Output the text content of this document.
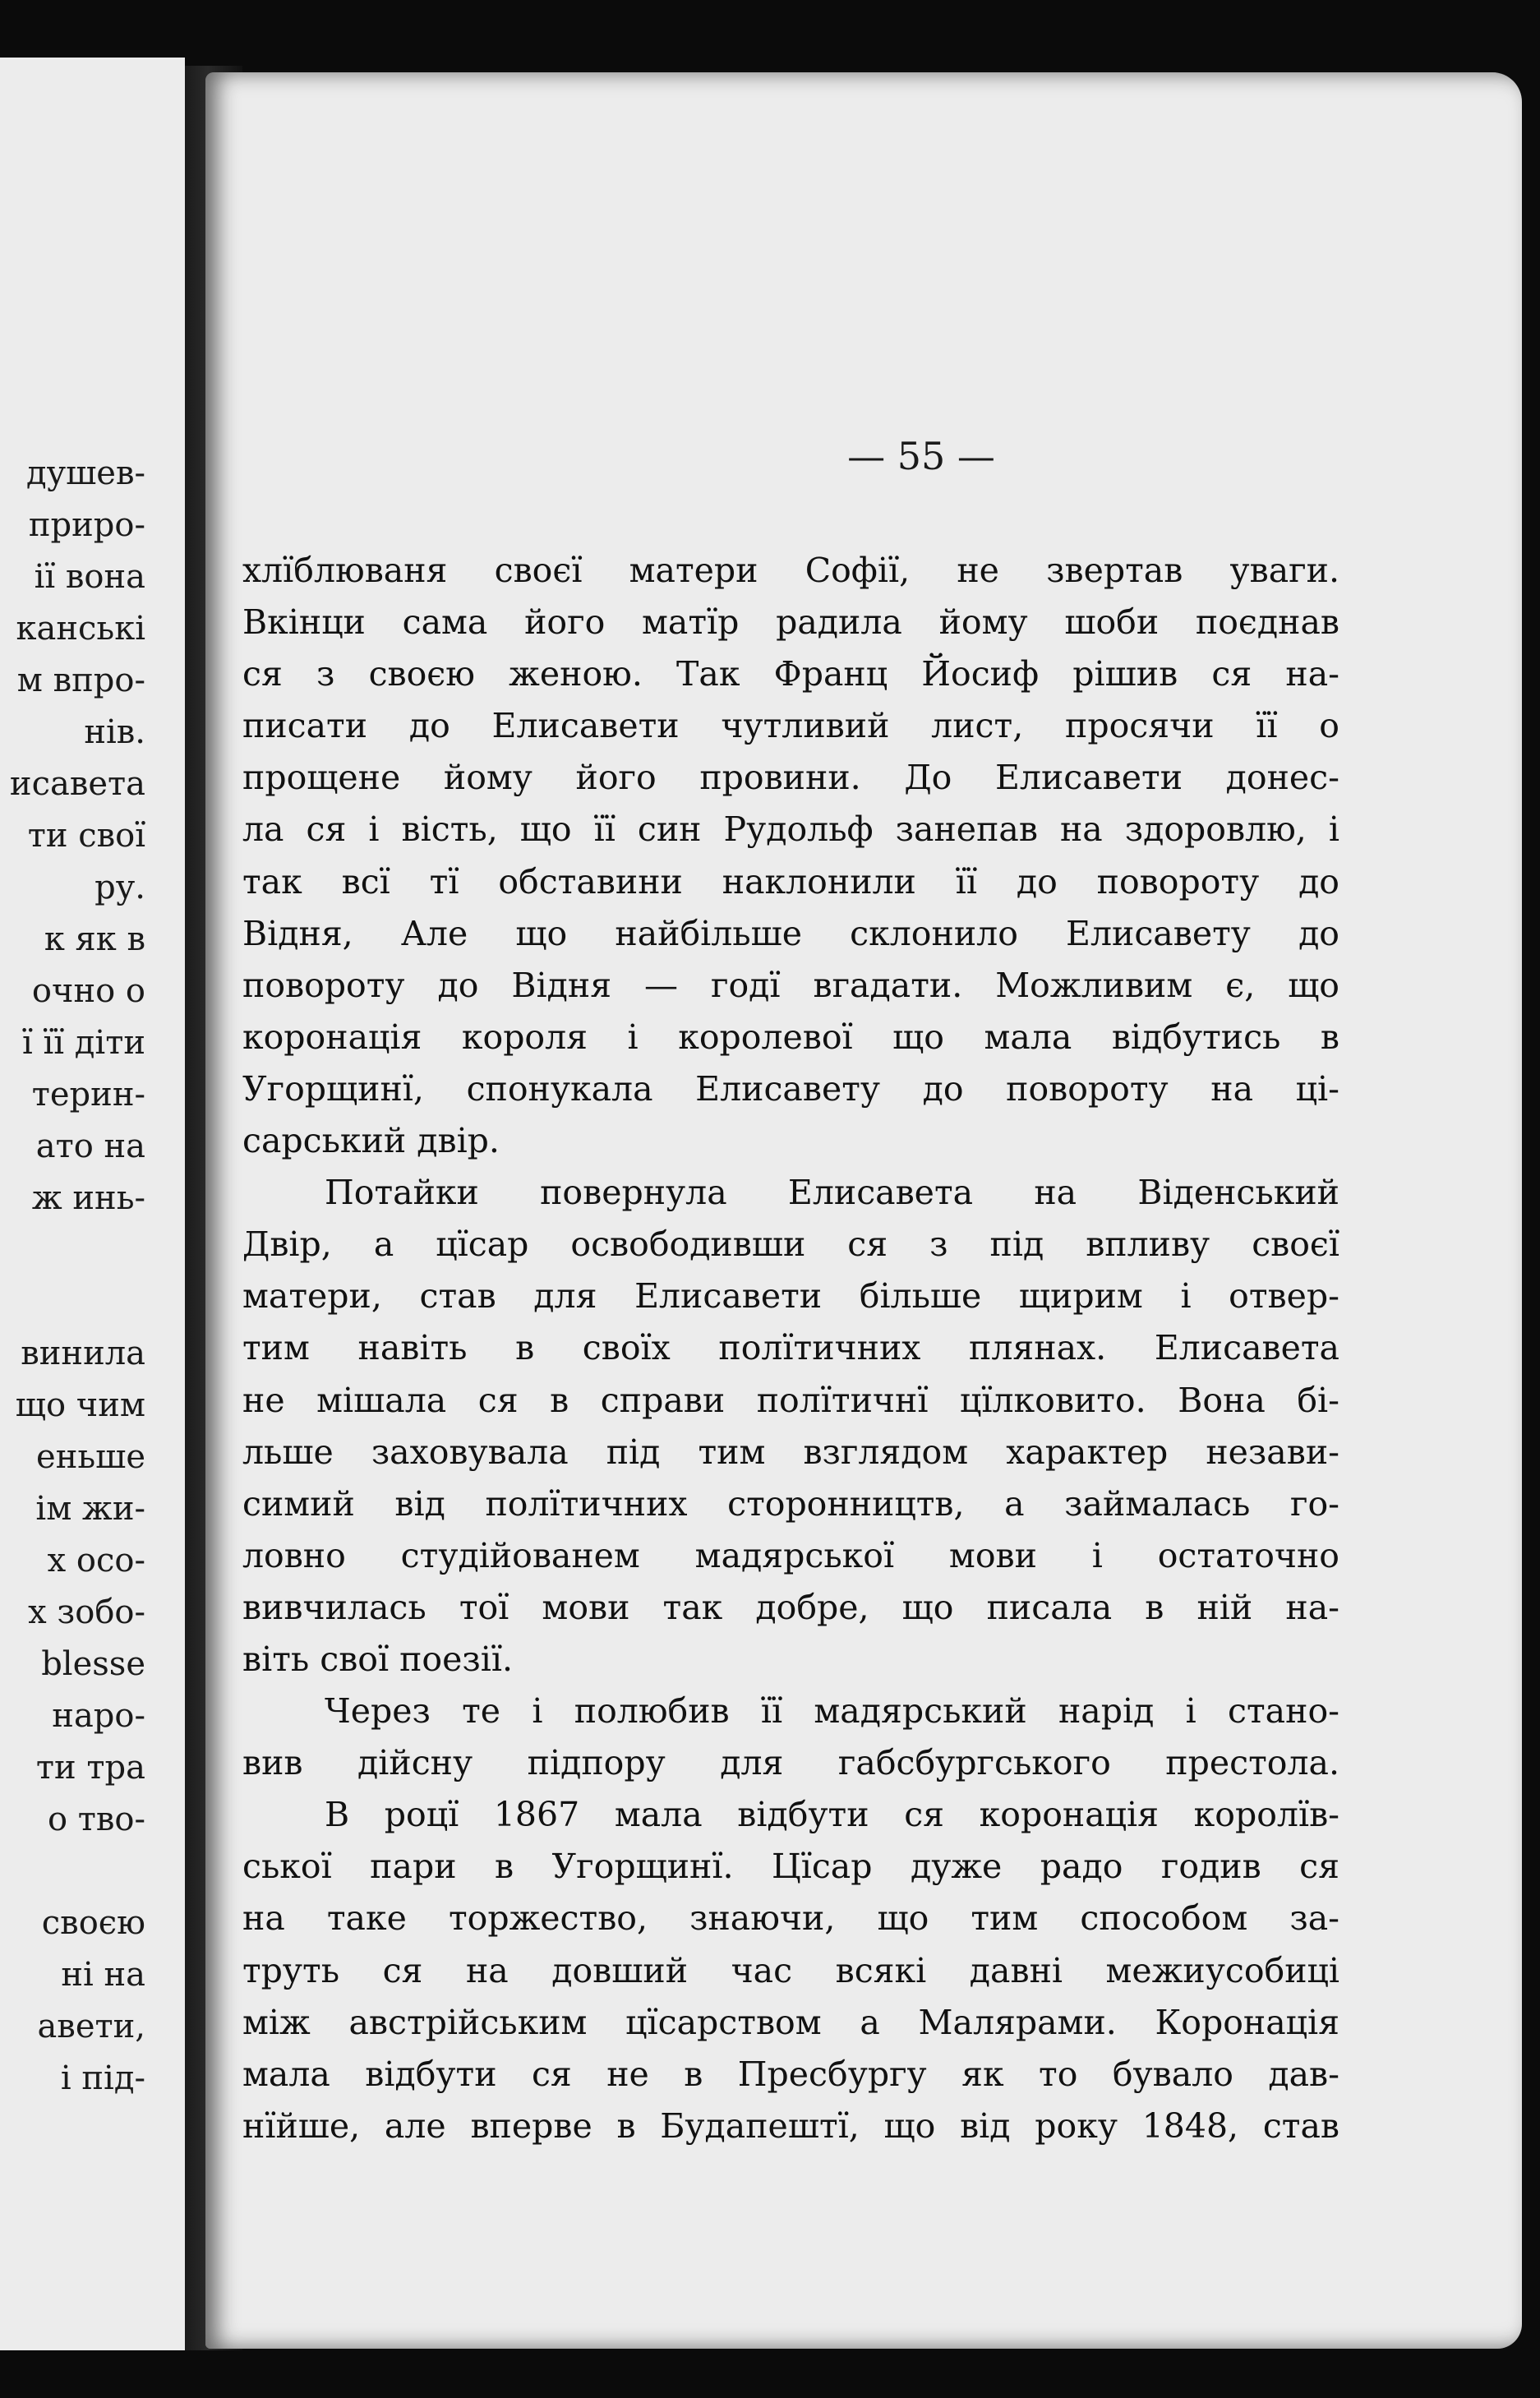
душев-
приро-
ії вона
канські
м впро-
нів.
исавета
ти свої
ру.
к як в
очно о
ї її діти
терин-
ато на
ж инь-
винила
що чим
еньше
ім жи-
х осо-
х зобо-
blesse
наро-
ти тра
о тво-
своєю
ні на
авети,
і під-
— 55 —
хлїблюваня своєї матери Софії, не звертав уваги.
Вкінци сама його матїр радила йому шоби поєднав
ся з своєю женою. Так Франц Йосиф рішив ся на-
писати до Елисавети чутливий лист, просячи її о
прощене йому його провини. До Елисавети донес-
ла ся і вість, що її син Рудольф занепав на здоровлю, і
так всї тї обставини наклонили її до повороту до
Відня, Але що найбільше склонило Елисавету до
повороту до Відня — годї вгадати. Можливим є, що
коронація короля і королевої що мала відбутись в
Угорщинї, спонукала Елисавету до повороту на ці-
сарський двір.
Потайки повернула Елисавета на Віденський
Двір, а цїсар освободивши ся з під впливу своєї
матери, став для Елисавети більше щирим і отвер-
тим навіть в своїх полїтичних плянах. Елисавета
не мішала ся в справи полїтичнї цїлковито. Вона бі-
льше заховувала під тим взглядом характер незави-
симий від полїтичних сторонництв, а займалась го-
ловно студійованем мадярської мови і остаточно
вивчилась тої мови так добре, що писала в ній на-
віть свої поезії.
Через те і полюбив її мадярський нарід і станo-
вив дійсну підпору для габсбургського престола.
В роцї 1867 мала відбути ся коронація королїв-
ської пари в Угорщинї. Цїсар дуже радо годив ся
на таке торжество, знаючи, що тим способом за-
труть ся на довший час всякі давні межиусобиці
між австрійським цїсарством а Малярами. Коронація
мала відбути ся не в Пресбургу як то бувало дав-
нїйше, але вперве в Будапештї, що від року 1848, став
